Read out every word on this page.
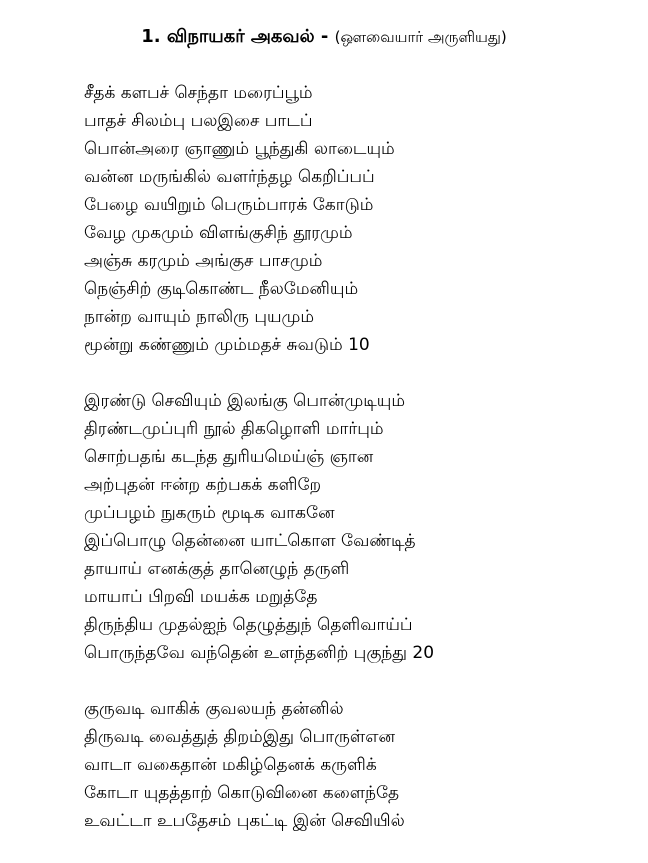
1. விநாயகர் அகவல் - (ஔவையார் அருளியது)
சீதக் களபச் செந்தா மரைப்பூம்
பாதச் சிலம்பு பலஇசை பாடப்
பொன்அரை ஞாணும் பூந்துகி லாடையும்
வன்ன மருங்கில் வளர்ந்தழ கெறிப்பப்
பேழை வயிறும் பெரும்பாரக் கோடும்
வேழ முகமும் விளங்குசிந் தூரமும்
அஞ்சு கரமும் அங்குச பாசமும்
நெஞ்சிற் குடிகொண்ட நீலமேனியும்
நான்ற வாயும் நாலிரு புயமும்
மூன்று கண்ணும் மும்மதச் சுவடும் 10
இரண்டு செவியும் இலங்கு பொன்முடியும்
திரண்டமுப்புரி நூல் திகழொளி மார்பும்
சொற்பதங் கடந்த துரியமெய்ஞ் ஞான
அற்புதன் ஈன்ற கற்பகக் களிறே
முப்பழம் நுகரும் மூடிக வாகனே
இப்பொழு தென்னை யாட்கொள வேண்டித்
தாயாய் எனக்குத் தானெழுந் தருளி
மாயாப் பிறவி மயக்க மறுத்தே
திருந்திய முதல்ஐந் தெழுத்துந் தெளிவாய்ப்
பொருந்தவே வந்தென் உளந்தனிற் புகுந்து 20
குருவடி வாகிக் குவலயந் தன்னில்
திருவடி வைத்துத் திறம்இது பொருள்என
வாடா வகைதான் மகிழ்தெனக் கருளிக்
கோடா யுதத்தாற் கொடுவினை களைந்தே
உவட்டா உபதேசம் புகட்டி இன் செவியில்
